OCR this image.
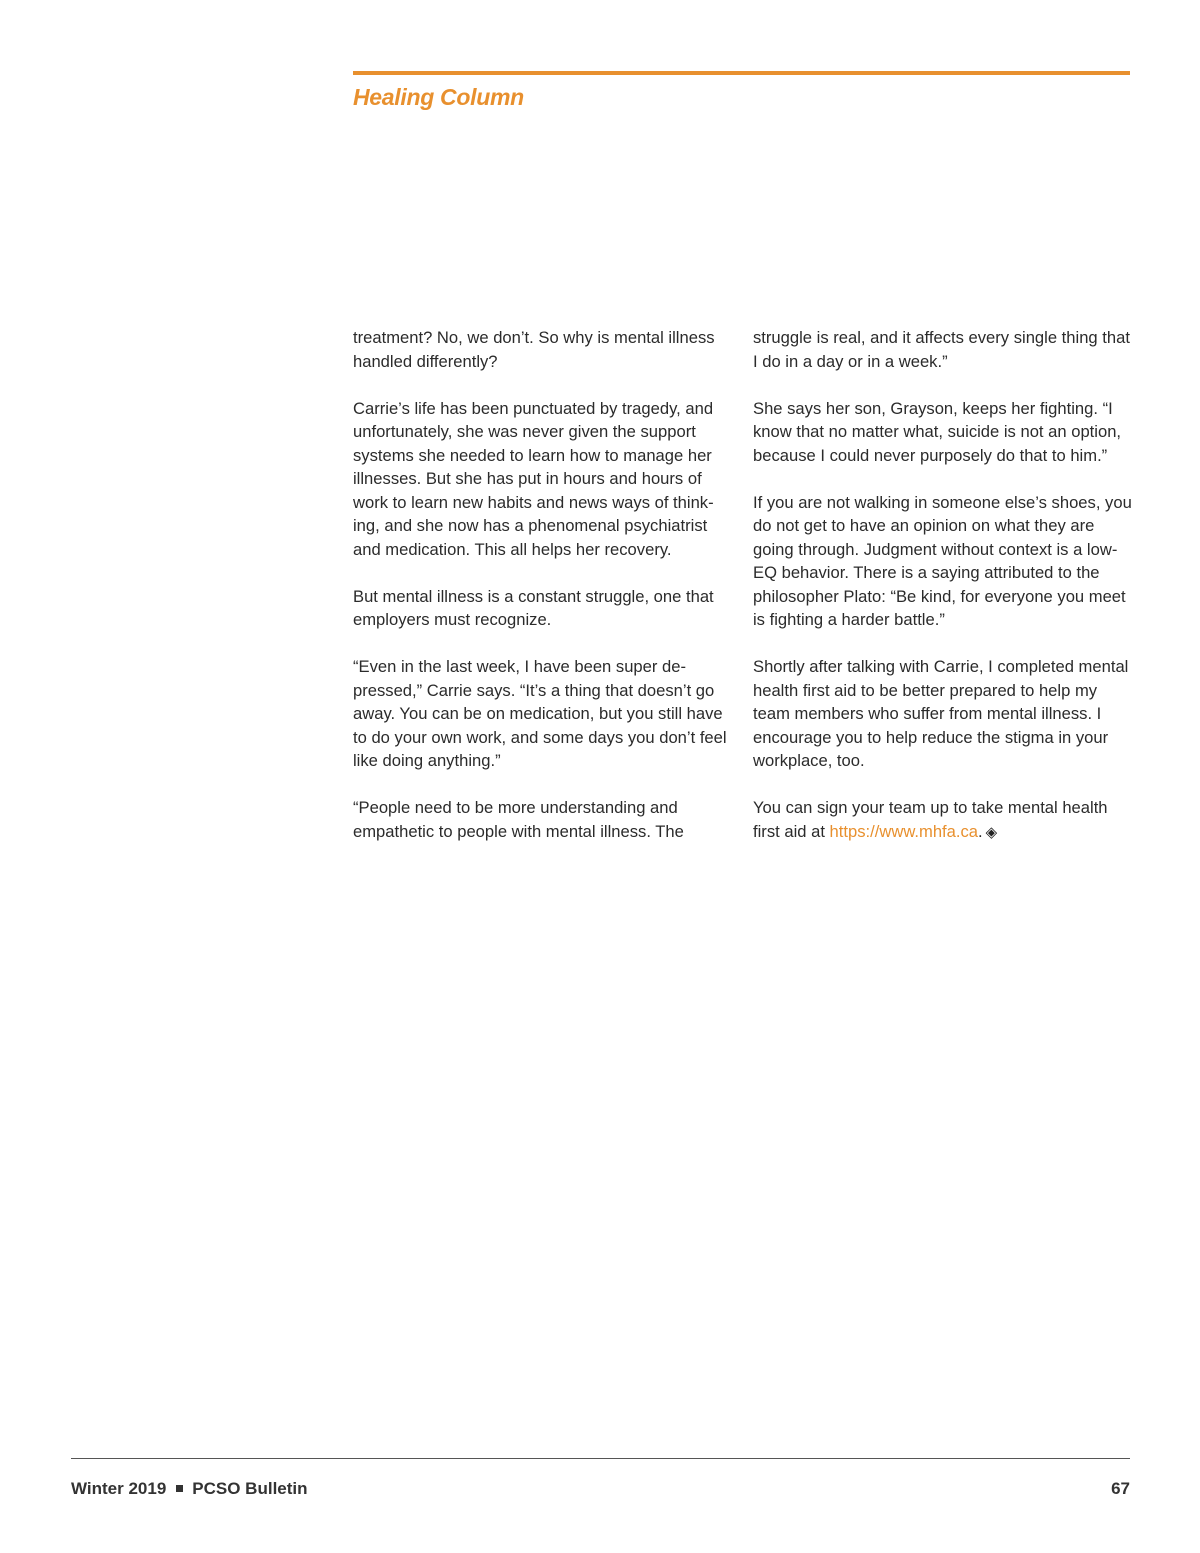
Healing Column

treatment? No, we don’t. So why is mental illness handled differently?

Carrie’s life has been punctuated by tragedy, and unfortunately, she was never given the support systems she needed to learn how to manage her illnesses. But she has put in hours and hours of work to learn new habits and news ways of think-ing, and she now has a phenomenal psychiatrist and medication. This all helps her recovery.

But mental illness is a constant struggle, one that employers must recognize.

“Even in the last week, I have been super de-pressed,” Carrie says. “It’s a thing that doesn’t go away. You can be on medication, but you still have to do your own work, and some days you don’t feel like doing anything.”

“People need to be more understanding and empathetic to people with mental illness. The

struggle is real, and it affects every single thing that I do in a day or in a week.”

She says her son, Grayson, keeps her fighting. “I know that no matter what, suicide is not an option, because I could never purposely do that to him.”

If you are not walking in someone else’s shoes, you do not get to have an opinion on what they are going through. Judgment without context is a low-EQ behavior. There is a saying attributed to the philosopher Plato: “Be kind, for everyone you meet is fighting a harder battle.”

Shortly after talking with Carrie, I completed mental health first aid to be better prepared to help my team members who suffer from mental illness. I encourage you to help reduce the stigma in your workplace, too.

You can sign your team up to take mental health first aid at https://www.mhfa.ca. ◈

Winter 2019 PCSO Bulletin	67
